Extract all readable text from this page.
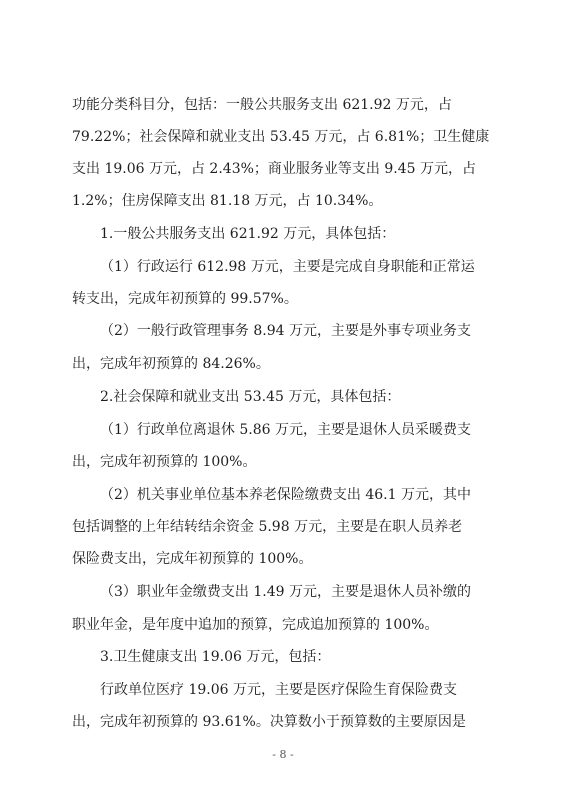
功能分类科目分，包括：一般公共服务支出 621.92 万元，占
79.22%；社会保障和就业支出 53.45 万元，占 6.81%；卫生健康
支出 19.06 万元，占 2.43%；商业服务业等支出 9.45 万元，占
1.2%；住房保障支出 81.18 万元，占 10.34%。
1.一般公共服务支出 621.92 万元，具体包括：
（1）行政运行 612.98 万元，主要是完成自身职能和正常运
转支出，完成年初预算的 99.57%。
（2）一般行政管理事务 8.94 万元，主要是外事专项业务支
出，完成年初预算的 84.26%。
2.社会保障和就业支出 53.45 万元，具体包括：
（1）行政单位离退休 5.86 万元，主要是退休人员采暖费支
出，完成年初预算的 100%。
（2）机关事业单位基本养老保险缴费支出 46.1 万元，其中
包括调整的上年结转结余资金 5.98 万元，主要是在职人员养老
保险费支出，完成年初预算的 100%。
（3）职业年金缴费支出 1.49 万元，主要是退休人员补缴的
职业年金，是年度中追加的预算，完成追加预算的 100%。
3.卫生健康支出 19.06 万元，包括：
行政单位医疗 19.06 万元，主要是医疗保险生育保险费支
出，完成年初预算的 93.61%。决算数小于预算数的主要原因是
- 8 -
